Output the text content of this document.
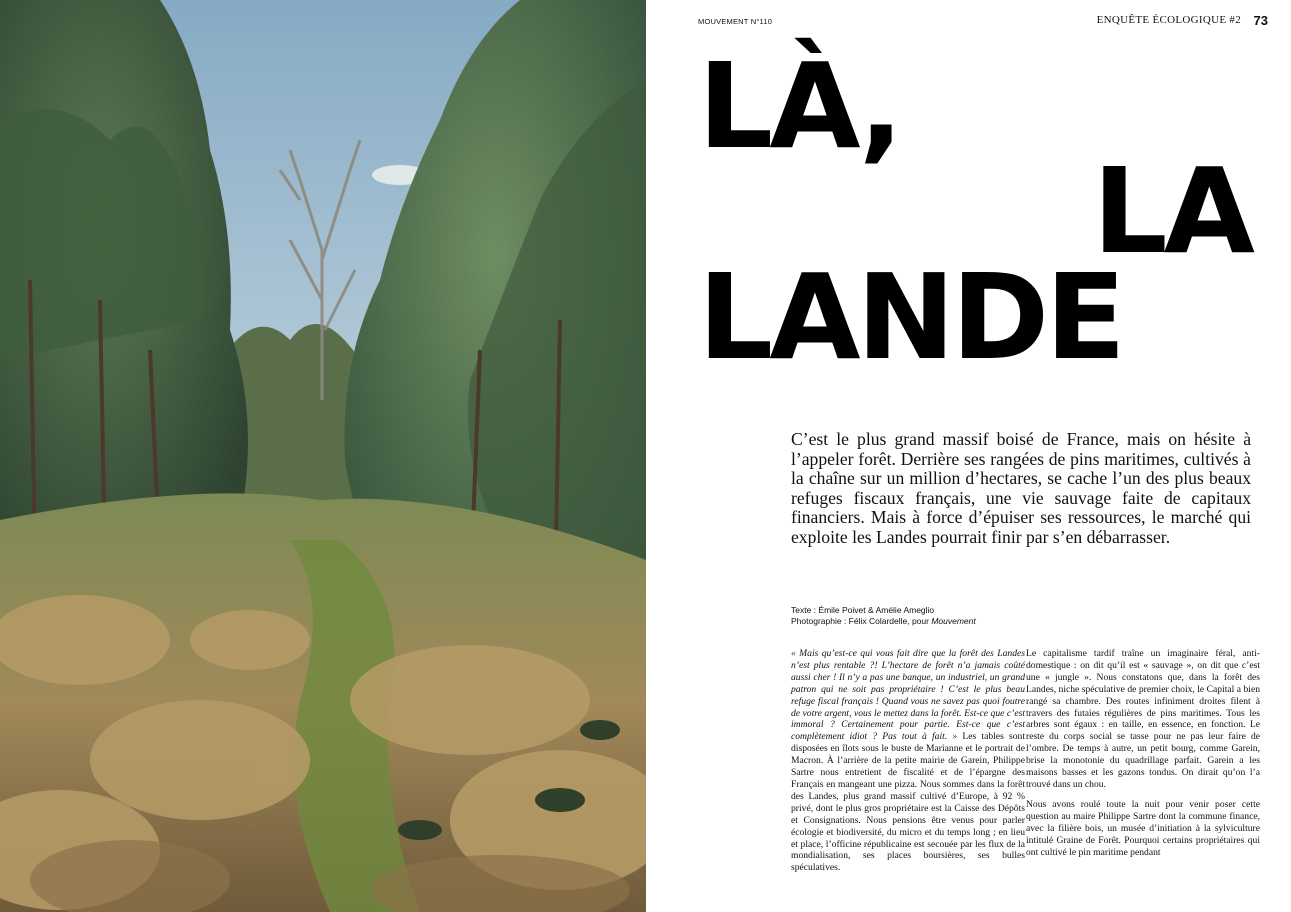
MOUVEMENT N°110	ENQUÊTE ÉCOLOGIQUE #2 73
LÀ,
LA
LANDE
C’est le plus grand massif boisé de France, mais on hésite à l’appeler forêt. Derrière ses rangées de pins maritimes, cultivés à la chaîne sur un million d’hectares, se cache l’un des plus beaux refuges fiscaux français, une vie sauvage faite de capitaux financiers. Mais à force d’épuiser ses ressources, le marché qui exploite les Landes pourrait finir par s’en débarrasser.
Texte : Émile Poivet & Amélie Ameglio
Photographie : Félix Colardelle, pour Mouvement

« Mais qu’est-ce qui vous fait dire que la forêt des Landes n’est plus rentable ?! L’hectare de forêt n’a jamais coûté aussi cher ! Il n’y a pas une banque, un industriel, un grand patron qui ne soit pas propriétaire ! C’est le plus beau refuge fiscal français ! Quand vous ne savez pas quoi foutre de votre argent, vous le mettez dans la forêt. Est-ce que c’est immoral ? Certainement pour partie. Est-ce que c’est complètement idiot ? Pas tout à fait. » Les tables sont disposées en îlots sous le buste de Marianne et le portrait de Macron. À l’arrière de la petite mairie de Garein, Philippe Sartre nous entretient de fiscalité et de l’épargne des Français en mangeant une pizza. Nous sommes dans la forêt des Landes, plus grand massif cultivé d’Europe, à 92 % privé, dont le plus gros propriétaire est la Caisse des Dépôts et Consignations. Nous pensions être venus pour parler écologie et biodiversité, du micro et du temps long ; en lieu et place, l’officine républicaine est secouée par les flux de la mondialisation, ses places boursières, ses bulles spéculatives.

Le capitalisme tardif traîne un imaginaire féral, anti-domestique : on dit qu’il est « sauvage », on dit que c’est une « jungle ». Nous constatons que, dans la forêt des Landes, niche spéculative de premier choix, le Capital a bien rangé sa chambre. Des routes infiniment droites filent à travers des futaies régulières de pins maritimes. Tous les arbres sont égaux : en taille, en essence, en fonction. Le reste du corps social se tasse pour ne pas leur faire de l’ombre. De temps à autre, un petit bourg, comme Garein, brise la monotonie du quadrillage parfait. Garein a les maisons basses et les gazons tondus. On dirait qu’on l’a trouvé dans un chou.

Nous avons roulé toute la nuit pour venir poser cette question au maire Philippe Sartre dont la commune finance, avec la filière bois, un musée d’initiation à la sylviculture intitulé Graine de Forêt. Pourquoi certains propriétaires qui ont cultivé le pin maritime pendant
